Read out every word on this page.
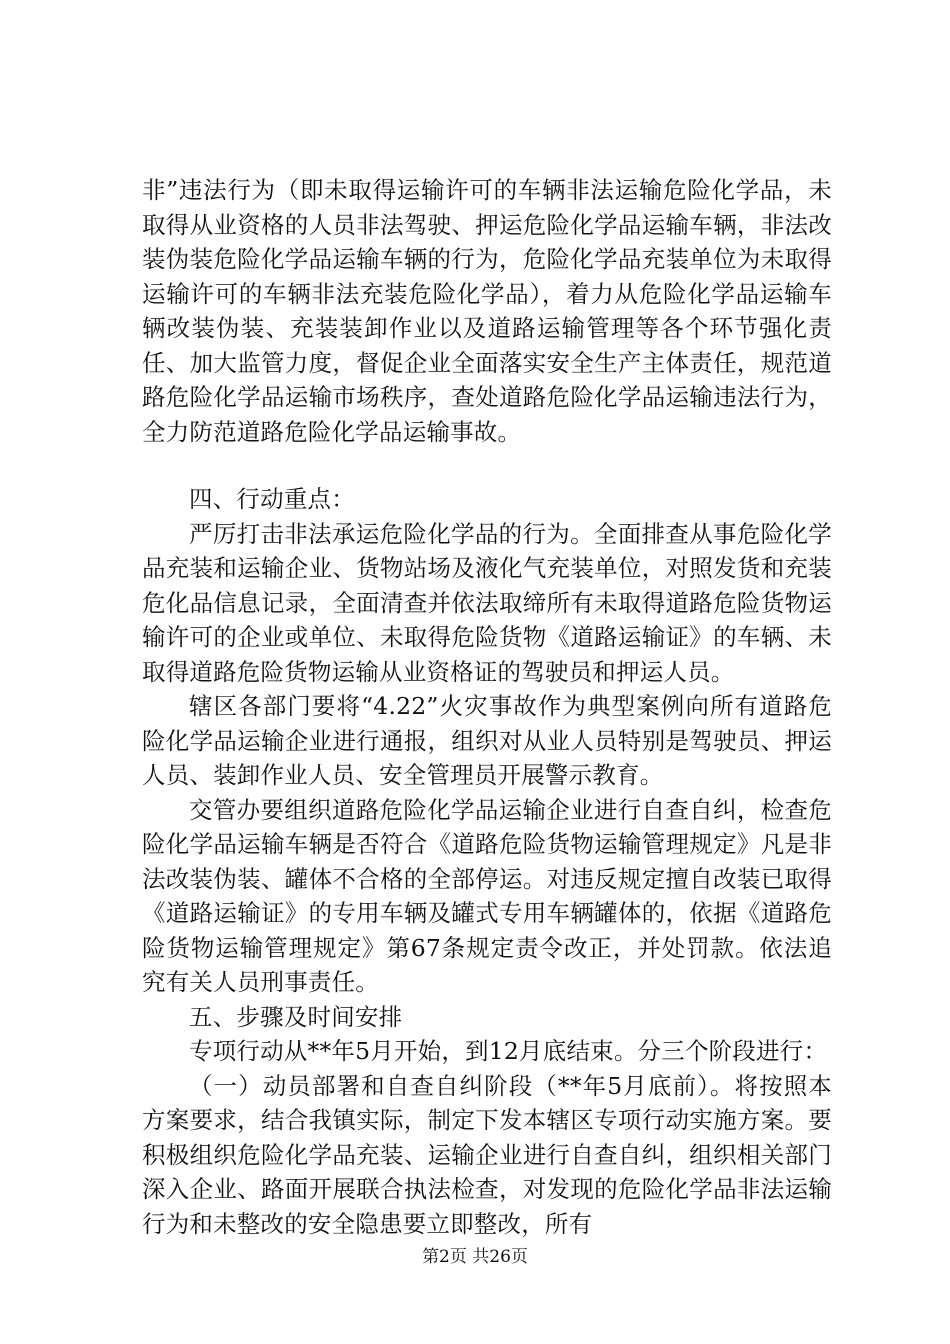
非”违法行为（即未取得运输许可的车辆非法运输危险化学品，未取得从业资格的人员非法驾驶、押运危险化学品运输车辆，非法改装伪装危险化学品运输车辆的行为，危险化学品充装单位为未取得运输许可的车辆非法充装危险化学品），着力从危险化学品运输车辆改装伪装、充装装卸作业以及道路运输管理等各个环节强化责任、加大监管力度，督促企业全面落实安全生产主体责任，规范道路危险化学品运输市场秩序，查处道路危险化学品运输违法行为，全力防范道路危险化学品运输事故。

四、行动重点：

严厉打击非法承运危险化学品的行为。全面排查从事危险化学品充装和运输企业、货物站场及液化气充装单位，对照发货和充装危化品信息记录，全面清查并依法取缔所有未取得道路危险货物运输许可的企业或单位、未取得危险货物《道路运输证》的车辆、未取得道路危险货物运输从业资格证的驾驶员和押运人员。

辖区各部门要将“4.22”火灾事故作为典型案例向所有道路危险化学品运输企业进行通报，组织对从业人员特别是驾驶员、押运人员、装卸作业人员、安全管理员开展警示教育。

交管办要组织道路危险化学品运输企业进行自查自纠，检查危险化学品运输车辆是否符合《道路危险货物运输管理规定》凡是非法改装伪装、罐体不合格的全部停运。对违反规定擅自改装已取得《道路运输证》的专用车辆及罐式专用车辆罐体的，依据《道路危险货物运输管理规定》第67条规定责令改正，并处罚款。依法追究有关人员刑事责任。

五、步骤及时间安排

专项行动从**年5月开始，到12月底结束。分三个阶段进行：

（一）动员部署和自查自纠阶段（**年5月底前）。将按照本方案要求，结合我镇实际，制定下发本辖区专项行动实施方案。要积极组织危险化学品充装、运输企业进行自查自纠，组织相关部门深入企业、路面开展联合执法检查，对发现的危险化学品非法运输行为和未整改的安全隐患要立即整改，所有

第2页 共26页
